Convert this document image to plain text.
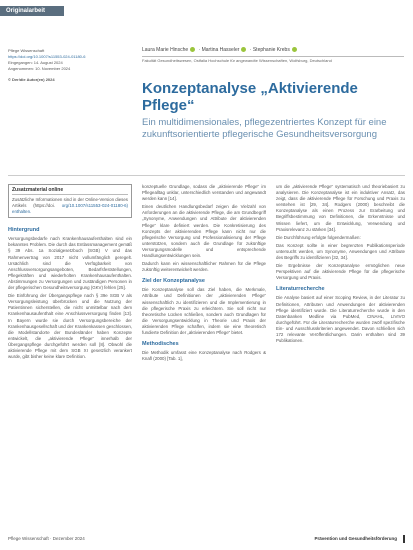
Originalarbeit
Pflege Wissenschaft
https://doi.org/10.1007/s11553-024-01180-6
Eingegangen: 14. August 2024
Angenommen: 10. November 2024
© Der/die Autor(en) 2024
Laura Marie Hinsche · Martina Hasseler · Stephanie Krebs
Fakultät Gesundheitswesen, Ostfalia Hochschule für angewandte Wissenschaften, Wolfsburg, Deutschland
Konzeptanalyse „Aktivierende Pflege“
Ein multidimensionales, pflegezentriertes Konzept für eine zukunftsorientierte pflegerische Gesundheitsversorgung
Zusatzmaterial online
Zusätzliche Informationen sind in der Online-Version dieses Artikels (https://doi. org/10.1007/s11553-024-01180-6) enthalten.
Hintergrund

Versorgungsbedarfe nach Krankenhausaufenthalten sind ein bekanntes Problem. Die durch das Entlassmanagement gemäß § 39 Abs. 1a Sozialgesetzbuch (SGB) V und das Rahmenvertrag von 2017 nicht vollumfänglich geregelt. Ursächlich sind die Verfügbarkeit von Anschlussversorgungsangeboten, Bedarfsfeststellungen, Pflegekräften und wiederholten Krankenhausaufenthalten. Abstimmungen zu Versorgungen und zuständigen Personen in der pflegerischen Gesundheitsversorgung (GKV) fehlen [25].

Die Einführung der Übergangspflege nach § 39e SGB V als Versorgungsleistung überbrücken und die Nutzung der Patientinnen sicherstellen, die nicht unmittelbar nach dem Krankenhausaufenthalt eine Anschlussversorgung finden [13]. In Bayern wurde sie durch Versorgungsbereiche der Krankenhausgesellschaft und der Krankenkassen geschlossen, die Modellstandorte der Bundesländer haben Konzepte entwickelt, die „aktivierende Pflege“ innerhalb der Übergangspflege durchgeführt werden soll [8]. Obwohl die aktivierende Pflege mit dem SGB XI gesetzlich verankert wurde, gibt bisher keine klare Definition.

konzeptuelle Grundlage, sodass die „aktivierende Pflege“ im Pflegealltag unklar, unterschiedlich verstanden und angewandt werden kann [14].

Einen deutlichen Handlungsbedarf zeigen die Vielzahl von Anforderungen an die aktivierende Pflege, die am Grundbegriff „Synonyme, Anwendungen und Attribute der aktivierenden Pflege“ klare definiert werden. Die Konkretisierung des Konzepts der aktivierenden Pflege kann nicht nur die pflegerische Versorgung und Professionalisierung der Pflege unterstützen, sondern auch die Grundlage für zukünftige Versorgungsmodelle und entsprechende Handlungsentwicklungen sein.

Dadurch kann ein wissenschaftlicher Rahmen für die Pflege zukünftig weiterentwickelt werden.

Ziel der Konzeptanalyse

Die Konzeptanalyse soll das Ziel haben, die Merkmale, Attribute und Definitionen der „aktivierenden Pflege“ wissenschaftlich zu identifizieren und die Implementierung in die pflegerische Praxis zu erleichtern. Sie soll nicht nur theoretische Lücken schließen, sondern auch Grundlagen für die Versorgungsentwicklung in Theorie und Praxis der aktivierenden Pflege schaffen, indem sie eine theoretisch fundierte Definition der „aktivierenden Pflege“ bietet.

Methodisches

Die Methodik umfasst eine Konzeptanalyse nach Rodgers & Knafl (2000) [Tab. 1],

um die „aktivierende Pflege“ systematisch und theoriebasiert zu analysieren. Die Konzeptanalyse ist ein induktiver Ansatz, das zeigt, dass die aktivierende Pflege für Forschung und Praxis zu verstehen ist [29, 34]. Rodgers (2000) beschreibt die Konzeptanalyse als einen Prozess zur Erarbeitung und Begriffsbestimmung von Definitionen, die Erkenntnisse und Wissen liefert, um die Entwicklung, Verwendung und Praxisrelevanz zu stärken [34].

Die Durchführung erfolgte folgendermaßen:

Das Konzept sollte in einer begrenzten Publikationsperiode untersucht werden, um Synonyme, Anwendungen und Attribute des Begriffs zu identifizieren [32, 34].

Die Ergebnisse der Konzeptanalyse ermöglichen neue Perspektiven auf die aktivierende Pflege für die pflegerische Versorgung und Praxis.

Literaturrecherche

Die Analyse basiert auf einer Scoping Review, in der Literatur zu Definitionen, Attributen und Anwendungen der aktivierenden Pflege identifiziert wurde. Die Literaturrecherche wurde in den Datenbanken Medline via PubMed, CINAHL, LIVIVO durchgeführt. Für die Literaturrecherche wurden zwölf spezifische Ein- und Ausschlusskriterien angewendet. Davon schließen sich 172 relevante Veröffentlichungen. Darin enthalten sind 39 Publikationen.

Pflege Wissenschaft · Dezember 2024	Prävention und Gesundheitsförderung
